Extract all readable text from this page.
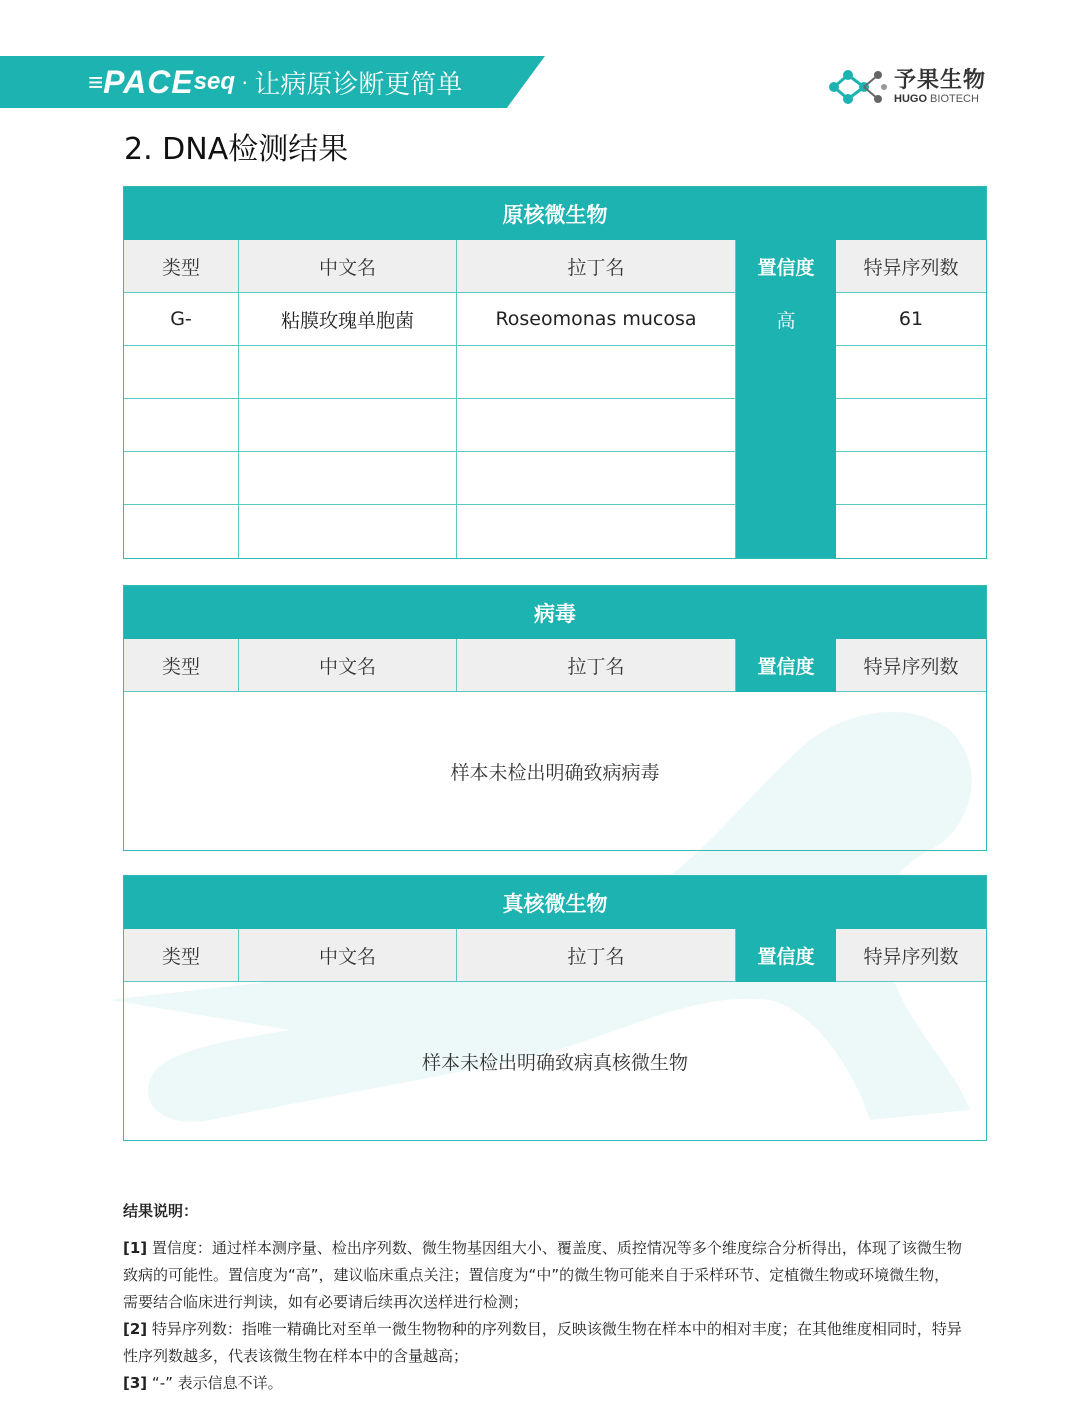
≡ PACE seq · 让病原诊断更简单	予果生物
HUGO BIOTECH
2. DNA检测结果
原核微生物
类型	中文名	拉丁名	置信度	特异序列数
G-	粘膜玫瑰单胞菌	Roseomonas mucosa	高	61
病毒
类型	中文名	拉丁名	置信度	特异序列数
样本未检出明确致病病毒
真核微生物
类型	中文名	拉丁名	置信度	特异序列数
样本未检出明确致病真核微生物
结果说明：
[1] 置信度：通过样本测序量、检出序列数、微生物基因组大小、覆盖度、质控情况等多个维度综合分析得出，体现了该微生物致病的可能性。置信度为“高”，建议临床重点关注；置信度为“中”的微生物可能来自于采样环节、定植微生物或环境微生物，需要结合临床进行判读，如有必要请后续再次送样进行检测；
[2] 特异序列数：指唯一精确比对至单一微生物物种的序列数目，反映该微生物在样本中的相对丰度；在其他维度相同时，特异性序列数越多，代表该微生物在样本中的含量越高；
[3] “-” 表示信息不详。
